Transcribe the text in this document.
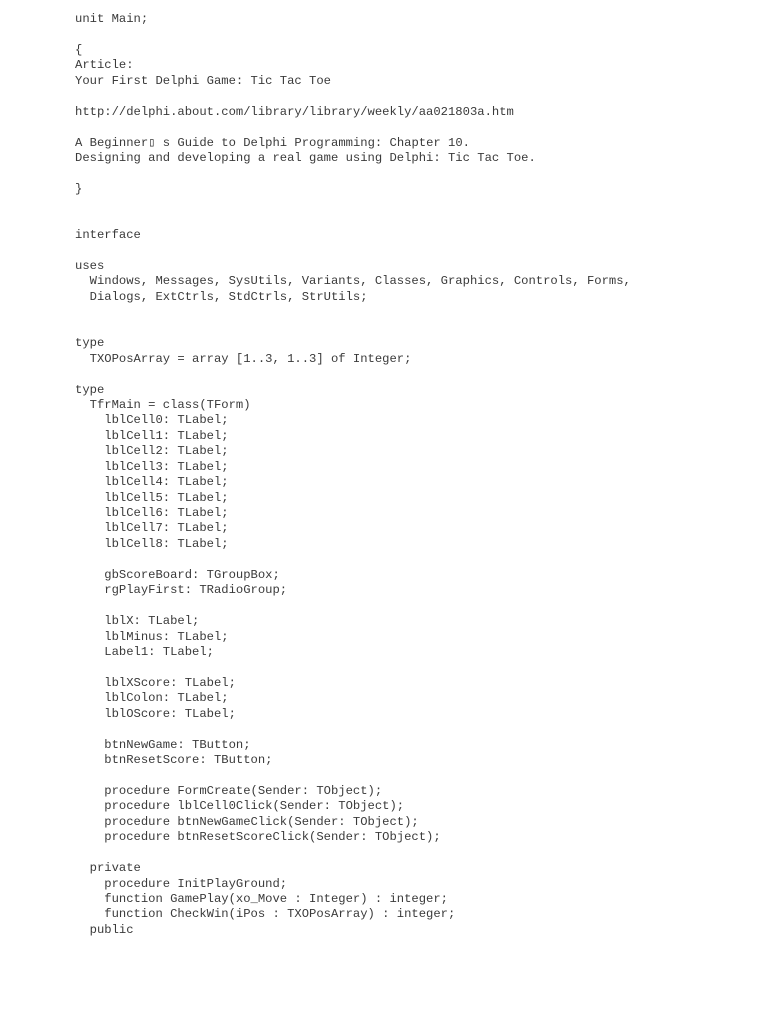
unit Main;
{
Article:
Your First Delphi Game: Tic Tac Toe
http://delphi.about.com/library/library/weekly/aa021803a.htm
A Beginner▯ s Guide to Delphi Programming: Chapter 10.
Designing and developing a real game using Delphi: Tic Tac Toe.
}
interface
uses
Windows, Messages, SysUtils, Variants, Classes, Graphics, Controls, Forms,
Dialogs, ExtCtrls, StdCtrls, StrUtils;
type
TXOPosArray = array [1..3, 1..3] of Integer;
type
TfrMain = class(TForm)
lblCell0: TLabel;
lblCell1: TLabel;
lblCell2: TLabel;
lblCell3: TLabel;
lblCell4: TLabel;
lblCell5: TLabel;
lblCell6: TLabel;
lblCell7: TLabel;
lblCell8: TLabel;
gbScoreBoard: TGroupBox;
rgPlayFirst: TRadioGroup;
lblX: TLabel;
lblMinus: TLabel;
Label1: TLabel;
lblXScore: TLabel;
lblColon: TLabel;
lblOScore: TLabel;
btnNewGame: TButton;
btnResetScore: TButton;
procedure FormCreate(Sender: TObject);
procedure lblCell0Click(Sender: TObject);
procedure btnNewGameClick(Sender: TObject);
procedure btnResetScoreClick(Sender: TObject);
private
procedure InitPlayGround;
function GamePlay(xo_Move : Integer) : integer;
function CheckWin(iPos : TXOPosArray) : integer;
public
